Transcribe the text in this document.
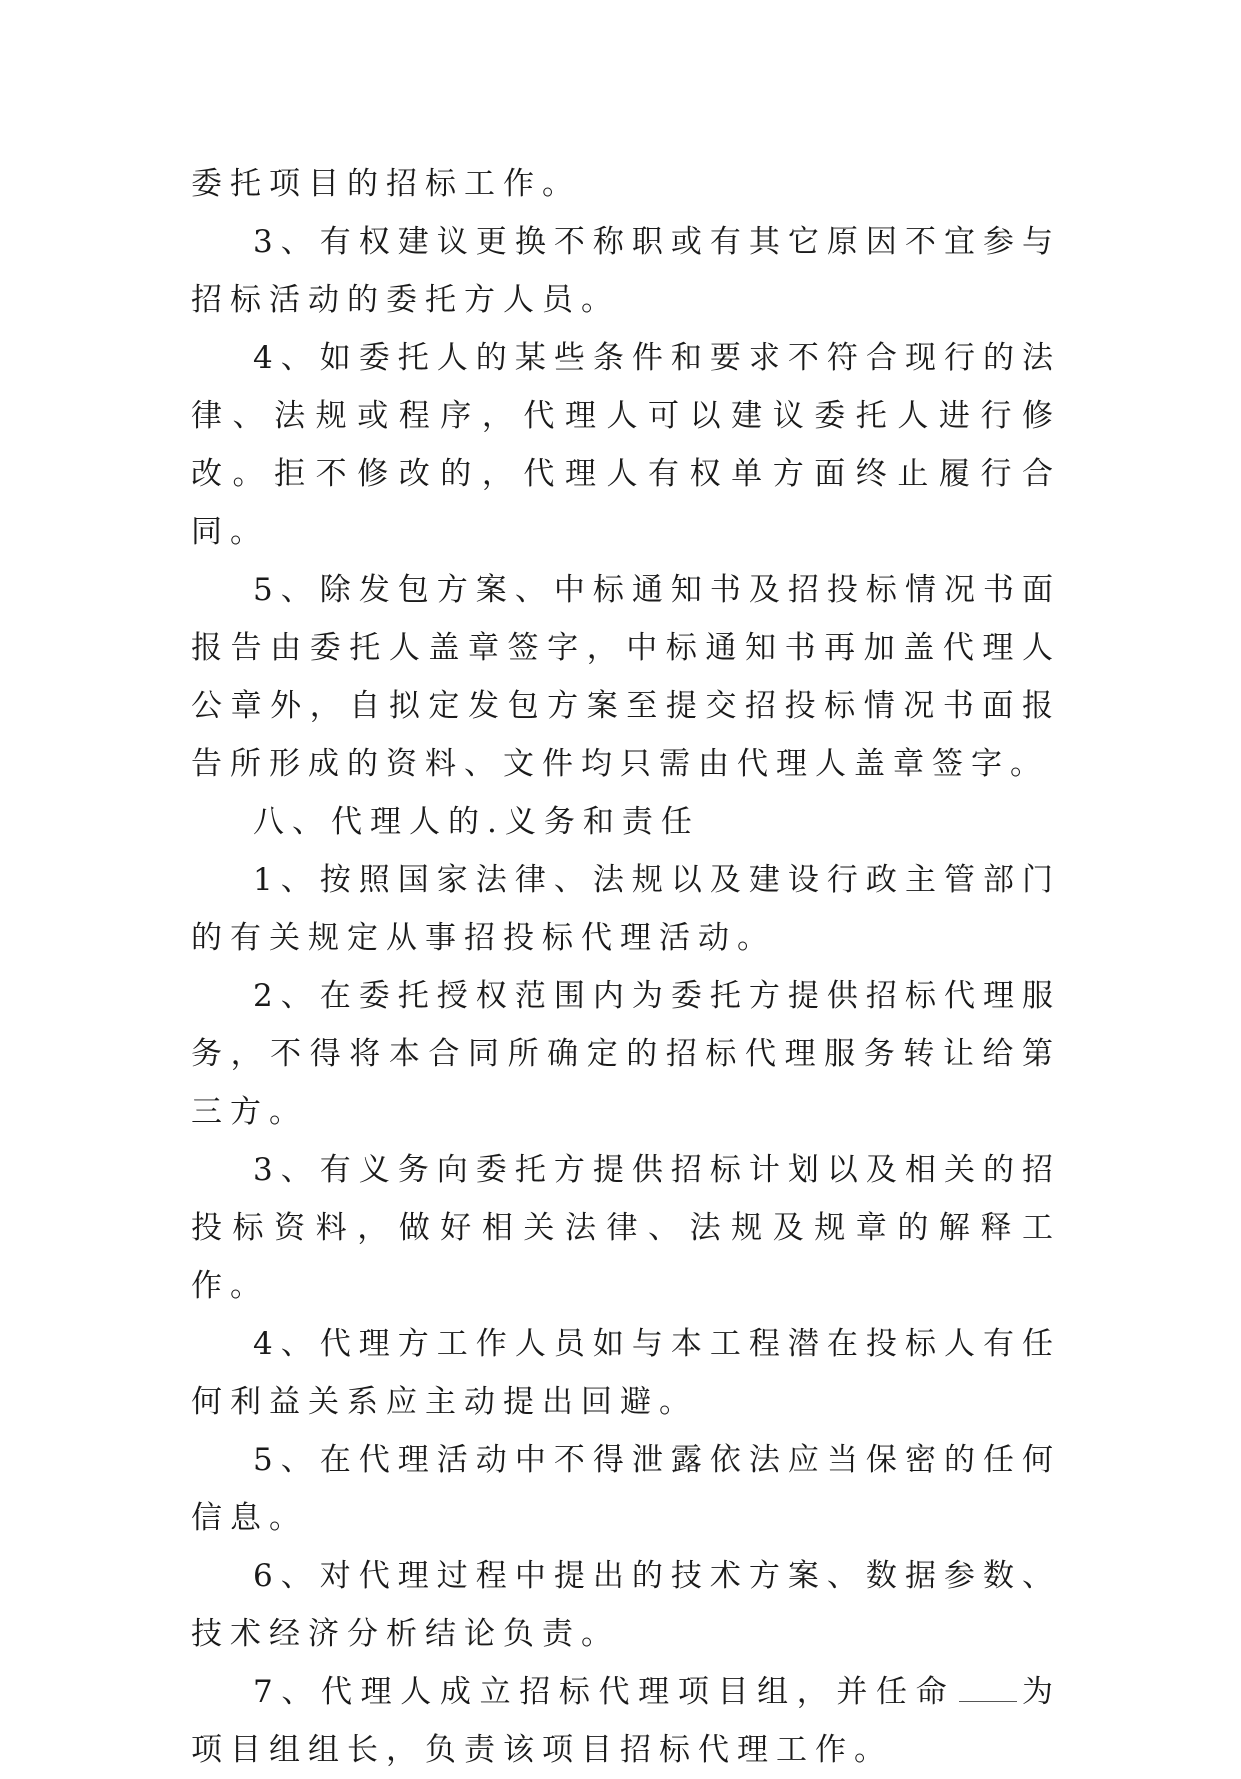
委托项目的招标工作。

3、有权建议更换不称职或有其它原因不宜参与招标活动的委托方人员。

4、如委托人的某些条件和要求不符合现行的法律、法规或程序，代理人可以建议委托人进行修改。拒不修改的，代理人有权单方面终止履行合同。

5、除发包方案、中标通知书及招投标情况书面报告由委托人盖章签字，中标通知书再加盖代理人公章外，自拟定发包方案至提交招投标情况书面报告所形成的资料、文件均只需由代理人盖章签字。

八、代理人的.义务和责任

1、按照国家法律、法规以及建设行政主管部门的有关规定从事招投标代理活动。

2、在委托授权范围内为委托方提供招标代理服务，不得将本合同所确定的招标代理服务转让给第三方。

3、有义务向委托方提供招标计划以及相关的招投标资料，做好相关法律、法规及规章的解释工作。

4、代理方工作人员如与本工程潜在投标人有任何利益关系应主动提出回避。

5、在代理活动中不得泄露依法应当保密的任何信息。

6、对代理过程中提出的技术方案、数据参数、技术经济分析结论负责。

7、代理人成立招标代理项目组，并任命 为项目组组长，负责该项目招标代理工作。
